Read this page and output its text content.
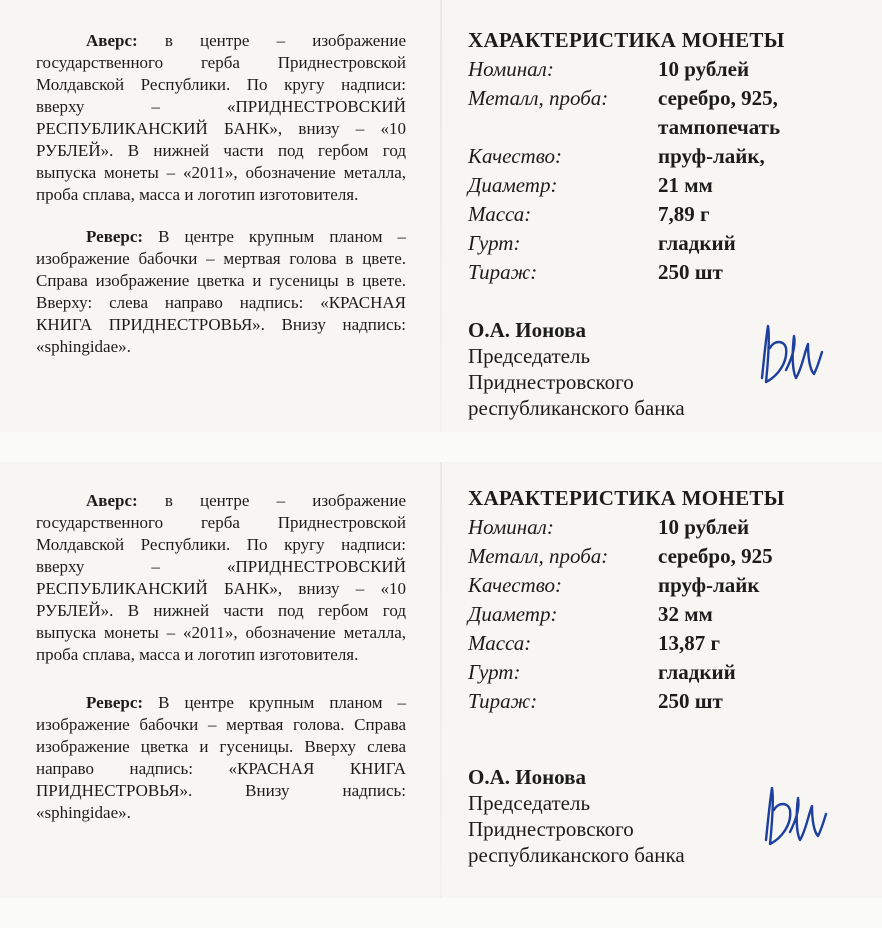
Аверс: в центре – изображение государственного герба Приднестровской Молдавской Республики. По кругу надписи: вверху – «ПРИДНЕСТРОВСКИЙ РЕСПУБЛИКАНСКИЙ БАНК», внизу – «10 РУБЛЕЙ». В нижней части под гербом год выпуска монеты – «2011», обозначение металла, проба сплава, масса и логотип изготовителя.

Реверс: В центре крупным планом – изображение бабочки – мертвая голова в цвете. Справа изображение цветка и гусеницы в цвете. Вверху: слева направо надпись: «КРАСНАЯ КНИГА ПРИДНЕСТРОВЬЯ». Внизу надпись: «sphingidae».

ХАРАКТЕРИСТИКА МОНЕТЫ
Номинал:	10 рублей
Металл, проба: серебро, 925,
тампопечать
Качество:	пруф-лайк,
Диаметр:	21 мм
Масса:	7,89 г
Гурт:	гладкий
Тираж:	250 шт
О.А. Ионова
Председатель
Приднестровского
республиканского банка

Аверс: в центре – изображение государственного герба Приднестровской Молдавской Республики. По кругу надписи: вверху – «ПРИДНЕСТРОВСКИЙ РЕСПУБЛИКАНСКИЙ БАНК», внизу – «10 РУБЛЕЙ». В нижней части под гербом год выпуска монеты – «2011», обозначение металла, проба сплава, масса и логотип изготовителя.

Реверс: В центре крупным планом – изображение бабочки – мертвая голова. Справа изображение цветка и гусеницы. Вверху слева направо надпись: «КРАСНАЯ КНИГА ПРИДНЕСТРОВЬЯ». Внизу надпись: «sphingidae».

ХАРАКТЕРИСТИКА МОНЕТЫ
Номинал:	10 рублей
Металл, проба: серебро, 925
Качество:	пруф-лайк
Диаметр:	32 мм
Масса:	13,87 г
Гурт:	гладкий
Тираж:	250 шт
О.А. Ионова
Председатель
Приднестровского
республиканского банка
